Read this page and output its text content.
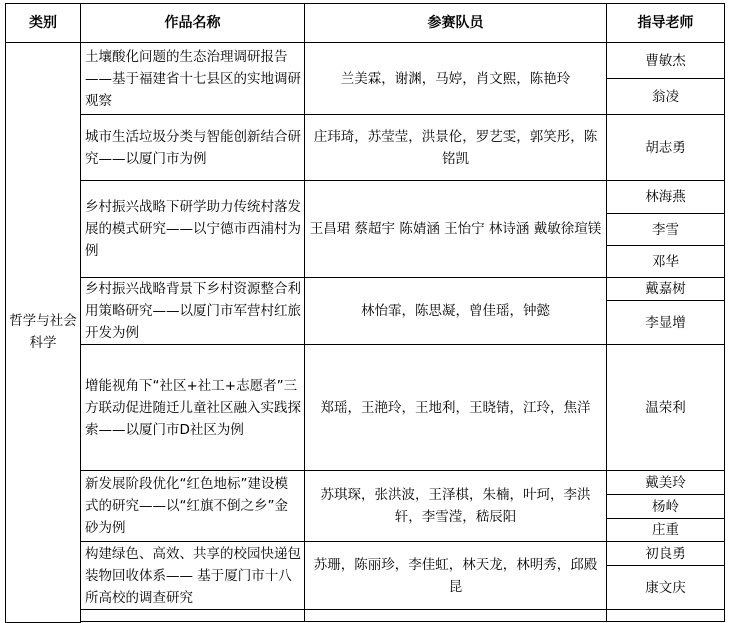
类别	作品名称	参赛队员	指导老师
哲学与社会科学	土壤酸化问题的生态治理调研报告——基于福建省十七县区的实地调研观察	兰美霖，谢渊，马婷，肖文熙，陈艳玲	曹敏杰
			翁凌
	城市生活垃圾分类与智能创新结合研究——以厦门市为例	庄玮琦，苏莹莹，洪景伦，罗艺雯，郭笑彤，陈铭凯	胡志勇
	乡村振兴战略下研学助力传统村落发展的模式研究——以宁德市西浦村为例	王昌珺 蔡超宇 陈婧涵 王怡宁 林诗涵 戴敏徐瑄镁	林海燕
			李雪
			邓华
	乡村振兴战略背景下乡村资源整合利用策略研究——以厦门市军营村红旅开发为例	林怡霏，陈思凝，曾佳瑶，钟懿	戴嘉树
			李显增
	增能视角下“社区+社工+志愿者”三方联动促进随迁儿童社区融入实践探索——以厦门市D社区为例	郑瑶，王滟玲，王地利，王晓锖，江玲，焦洋	温荣利
	新发展阶段优化“红色地标”建设模式的研究——以“红旗不倒之乡”金砂为例	苏琪琛，张洪波，王泽棋，朱楠，叶珂，李洪轩，李雪滢，嵇辰阳	戴美玲
			杨岭
			庄重
	构建绿色、高效、共享的校园快递包装物回收体系—— 基于厦门市十八所高校的调查研究	苏珊，陈丽珍，李佳虹，林天龙，林明秀，邱殿昆	初良勇
			康文庆
